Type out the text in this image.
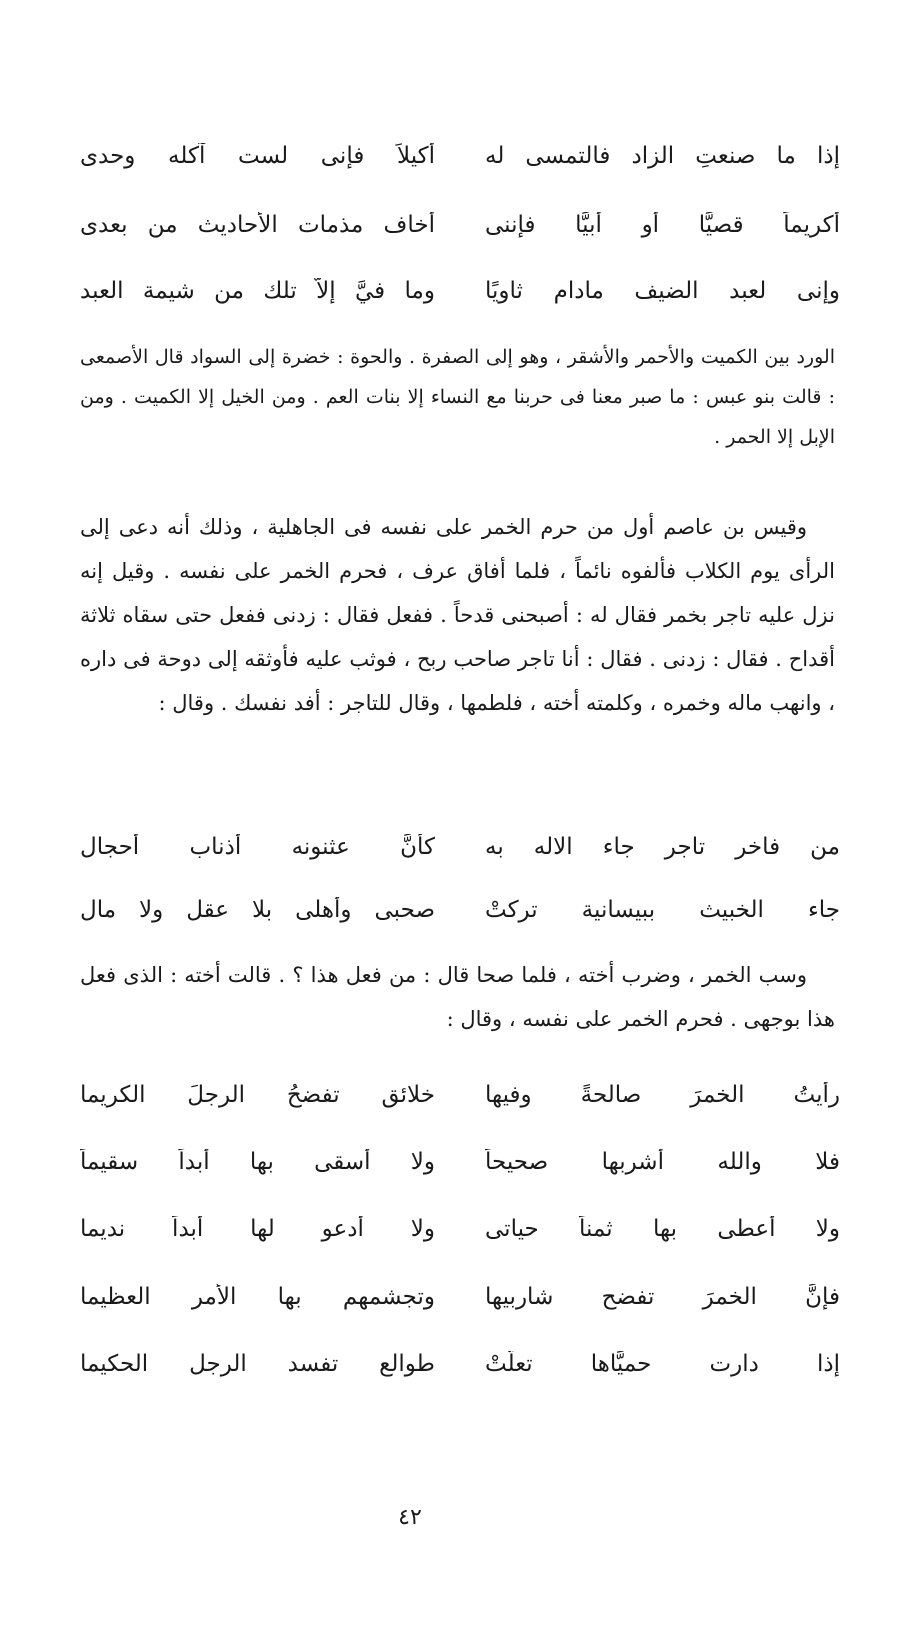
إذا ما صنعتِ الزاد فالتمسى له
أكيلاً فإنى لست آكله وحدى
أكريماً قصيًّا أو أبيًّا فإننى
أخاف مذمات الأحاديث من بعدى
وإنى لعبد الضيف مادام ثاويًا
وما فيَّ إلاَّ تلك من شيمة العبد
الورد بين الكميت والأحمر والأشقر ، وهو إلى الصفرة . والحوة : خضرة إلى السواد قال الأصمعى : قالت بنو عبس : ما صبر معنا فى حربنا مع النساء إلا بنات العم . ومن الخيل إلا الكميت . ومن الإبل إلا الحمر .
وقيس بن عاصم أول من حرم الخمر على نفسه فى الجاهلية ، وذلك أنه دعى إلى الرأى يوم الكلاب فألفوه نائماً ، فلما أفاق عرف ، فحرم الخمر على نفسه . وقيل إنه نزل عليه تاجر بخمر فقال له : أصبحنى قدحاً . ففعل فقال : زدنى ففعل حتى سقاه ثلاثة أقداح . فقال : زدنى . فقال : أنا تاجر صاحب ربح ، فوثب عليه فأوثقه إلى دوحة فى داره ، وانهب ماله وخمره ، وكلمته أخته ، فلطمها ، وقال للتاجر : أفد نفسك . وقال :
من فاخر تاجر جاء الاله به
كأنَّ عثنونه أذناب أحجال
جاء الخبيث ببيسانية تركتْ
صحبى وأهلى بلا عقل ولا مال
وسب الخمر ، وضرب أخته ، فلما صحا قال : من فعل هذا ؟ . قالت أخته : الذى فعل هذا بوجهى . فحرم الخمر على نفسه ، وقال :
رأيتُ الخمرَ صالحةً وفيها
خلائق تفضحُ الرجلَ الكريما
فلا والله أشربها صحيحاً
ولا أُسقى بها أبداً سقيماً
ولا أُعطى بها ثمناً حياتى
ولا أدعو لها أبداً نديما
فإنَّ الخمرَ تفضح شاربيها
وتجشمهم بها الأمر العظيما
إذا دارت حميَّاها تعلَّتْ
طوالع تفسد الرجل الحكيما
٤٢
